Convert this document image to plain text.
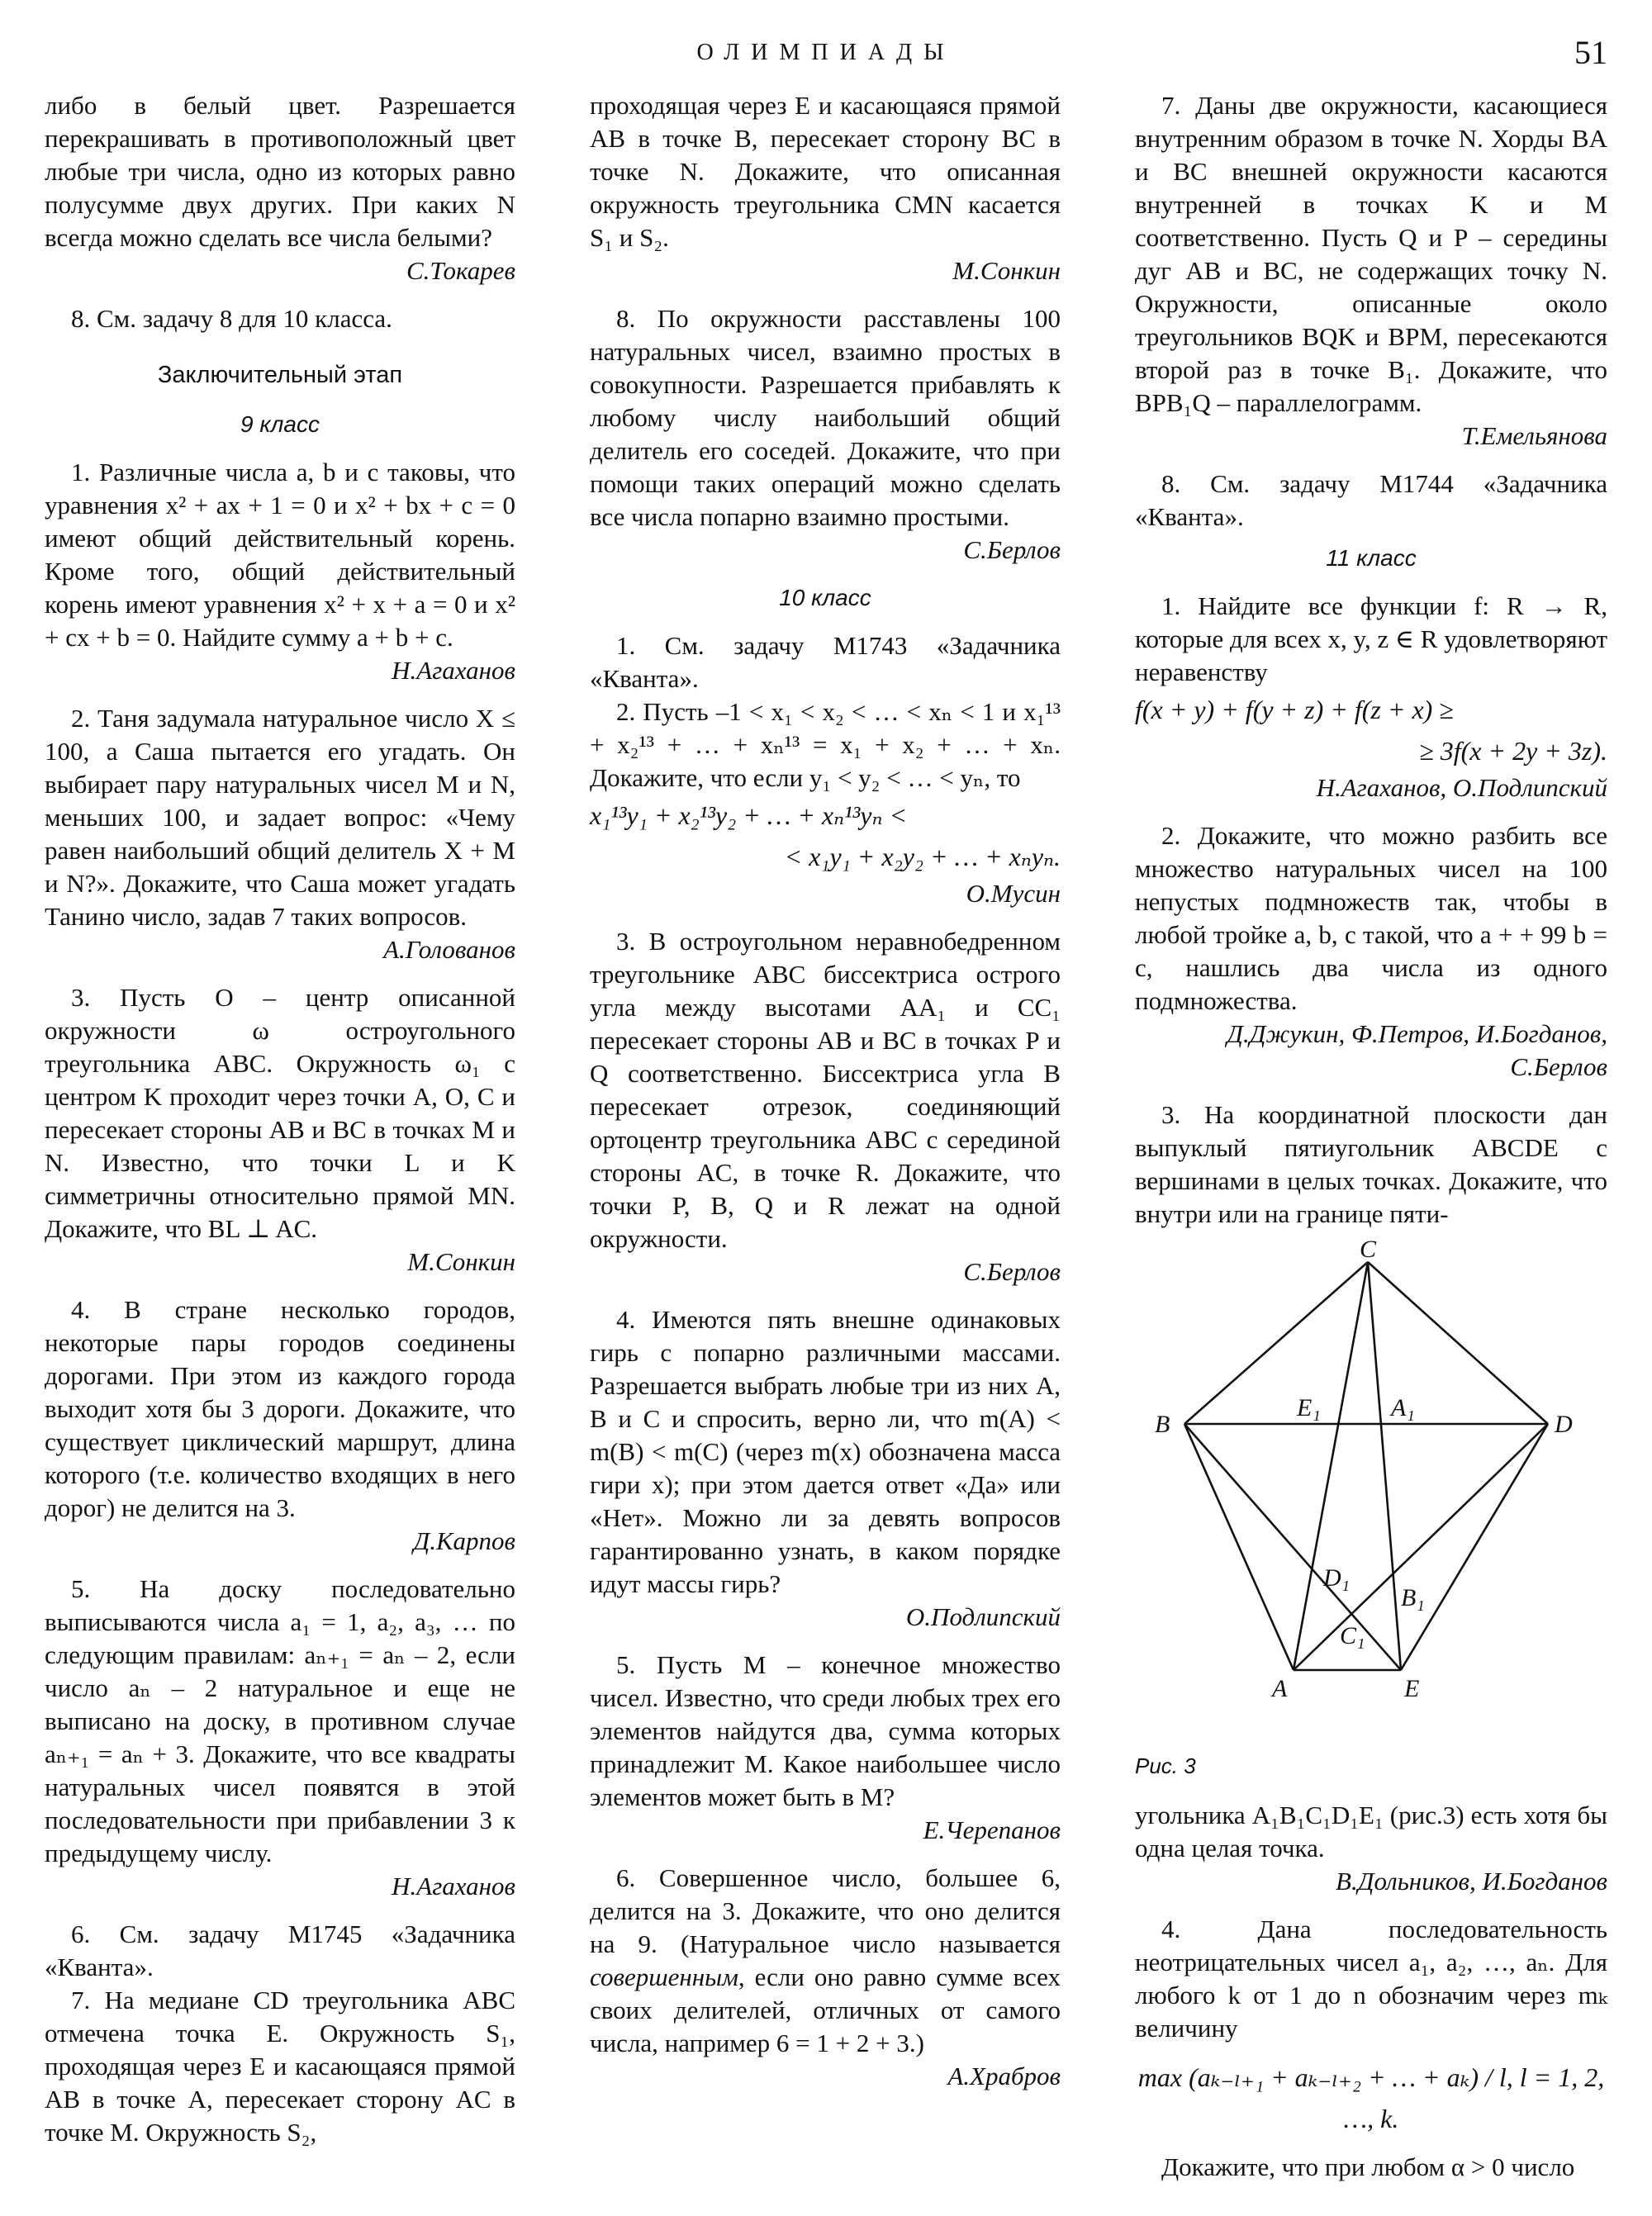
ОЛИМПИАДЫ	51

либо в белый цвет. Разрешается перекрашивать в противоположный цвет любые три числа, одно из которых равно полусумме двух других. При каких N всегда можно сделать все числа белыми?

С.Токарев

8. См. задачу 8 для 10 класса.

Заключительный этап
9 класс

1. Различные числа a, b и c таковы, что уравнения x² + ax + 1 = 0 и x² + bx + c = 0 имеют общий действительный корень. Кроме того, общий действительный корень имеют уравнения x² + x + a = 0 и x² + cx + b = 0. Найдите сумму a + b + c.

Н.Агаханов

2. Таня задумала натуральное число X ≤ 100, а Саша пытается его угадать. Он выбирает пару натуральных чисел M и N, меньших 100, и задает вопрос: «Чему равен наибольший общий делитель X + M и N?». Докажите, что Саша может угадать Танино число, задав 7 таких вопросов.

А.Голованов

3. Пусть O – центр описанной окружности ω остроугольного треугольника ABC. Окружность ω₁ с центром K проходит через точки A, O, C и пересекает стороны AB и BC в точках M и N. Известно, что точки L и K симметричны относительно прямой MN. Докажите, что BL ⊥ AC.

М.Сонкин

4. В стране несколько городов, некоторые пары городов соединены дорогами. При этом из каждого города выходит хотя бы 3 дороги. Докажите, что существует циклический маршрут, длина которого (т.е. количество входящих в него дорог) не делится на 3.

Д.Карпов

5. На доску последовательно выписываются числа a₁ = 1, a₂, a₃, … по следующим правилам: aₙ₊₁ = aₙ – 2, если число aₙ – 2 натуральное и еще не выписано на доску, в противном случае aₙ₊₁ = aₙ + 3. Докажите, что все квадраты натуральных чисел появятся в этой последовательности при прибавлении 3 к предыдущему числу.

Н.Агаханов

6. См. задачу М1745 «Задачника «Кванта».

7. На медиане CD треугольника ABC отмечена точка E. Окружность S₁, проходящая через E и касающаяся прямой AB в точке A, пересекает сторону AC в точке M. Окружность S₂,

проходящая через E и касающаяся прямой AB в точке B, пересекает сторону BC в точке N. Докажите, что описанная окружность треугольника CMN касается S₁ и S₂.

М.Сонкин

8. По окружности расставлены 100 натуральных чисел, взаимно простых в совокупности. Разрешается прибавлять к любому числу наибольший общий делитель его соседей. Докажите, что при помощи таких операций можно сделать все числа попарно взаимно простыми.

С.Берлов

10 класс

1. См. задачу М1743 «Задачника «Кванта».

2. Пусть –1 < x₁ < x₂ < … < xₙ < 1 и x₁¹³ + x₂¹³ + … + xₙ¹³ = x₁ + x₂ + … + xₙ. Докажите, что если y₁ < y₂ < … < yₙ, то

x₁¹³y₁ + x₂¹³y₂ + … + xₙ¹³yₙ <
< x₁y₁ + x₂y₂ + … + xₙyₙ.

О.Мусин

3. В остроугольном неравнобедренном треугольнике ABC биссектриса острого угла между высотами AA₁ и CC₁ пересекает стороны AB и BC в точках P и Q соответственно. Биссектриса угла B пересекает отрезок, соединяющий ортоцентр треугольника ABC с серединой стороны AC, в точке R. Докажите, что точки P, B, Q и R лежат на одной окружности.

С.Берлов

4. Имеются пять внешне одинаковых гирь с попарно различными массами. Разрешается выбрать любые три из них A, B и C и спросить, верно ли, что m(A) < m(B) < m(C) (через m(x) обозначена масса гири x); при этом дается ответ «Да» или «Нет». Можно ли за девять вопросов гарантированно узнать, в каком порядке идут массы гирь?

О.Подлипский

5. Пусть M – конечное множество чисел. Известно, что среди любых трех его элементов найдутся два, сумма которых принадлежит M. Какое наибольшее число элементов может быть в M?

Е.Черепанов

6. Совершенное число, большее 6, делится на 3. Докажите, что оно делится на 9. (Натуральное число называется совершенным, если оно равно сумме всех своих делителей, отличных от самого числа, например 6 = 1 + 2 + 3.)

А.Храбров

7. Даны две окружности, касающиеся внутренним образом в точке N. Хорды BA и BC внешней окружности касаются внутренней в точках K и M соответственно. Пусть Q и P – середины дуг AB и BC, не содержащих точку N. Окружности, описанные около треугольников BQK и BPM, пересекаются второй раз в точке B₁. Докажите, что BPB₁Q – параллелограмм.

Т.Емельянова

8. См. задачу М1744 «Задачника «Кванта».

11 класс

1. Найдите все функции f: R → R, которые для всех x, y, z ∈ R удовлетворяют неравенству

f(x + y) + f(y + z) + f(z + x) ≥
≥ 3f(x + 2y + 3z).

Н.Агаханов, О.Подлипский

2. Докажите, что можно разбить все множество натуральных чисел на 100 непустых подмножеств так, чтобы в любой тройке a, b, c такой, что a + + 99 b = c, нашлись два числа из одного подмножества.

Д.Джукин, Ф.Петров, И.Богданов,

С.Берлов

3. На координатной плоскости дан выпуклый пятиугольник ABCDE с вершинами в целых точках. Докажите, что внутри или на границе пяти-

C
B	D
A	E
E₁	A₁
D₁
B₁
C₁
Рис. 3

угольника A₁B₁C₁D₁E₁ (рис.3) есть хотя бы одна целая точка.

В.Дольников, И.Богданов

4. Дана последовательность неотрицательных чисел a₁, a₂, …, aₙ. Для любого k от 1 до n обозначим через mₖ величину

max (aₖ₋ₗ₊₁ + aₖ₋ₗ₊₂ + … + aₖ) / l, l = 1, 2, …, k.

Докажите, что при любом α > 0 число
